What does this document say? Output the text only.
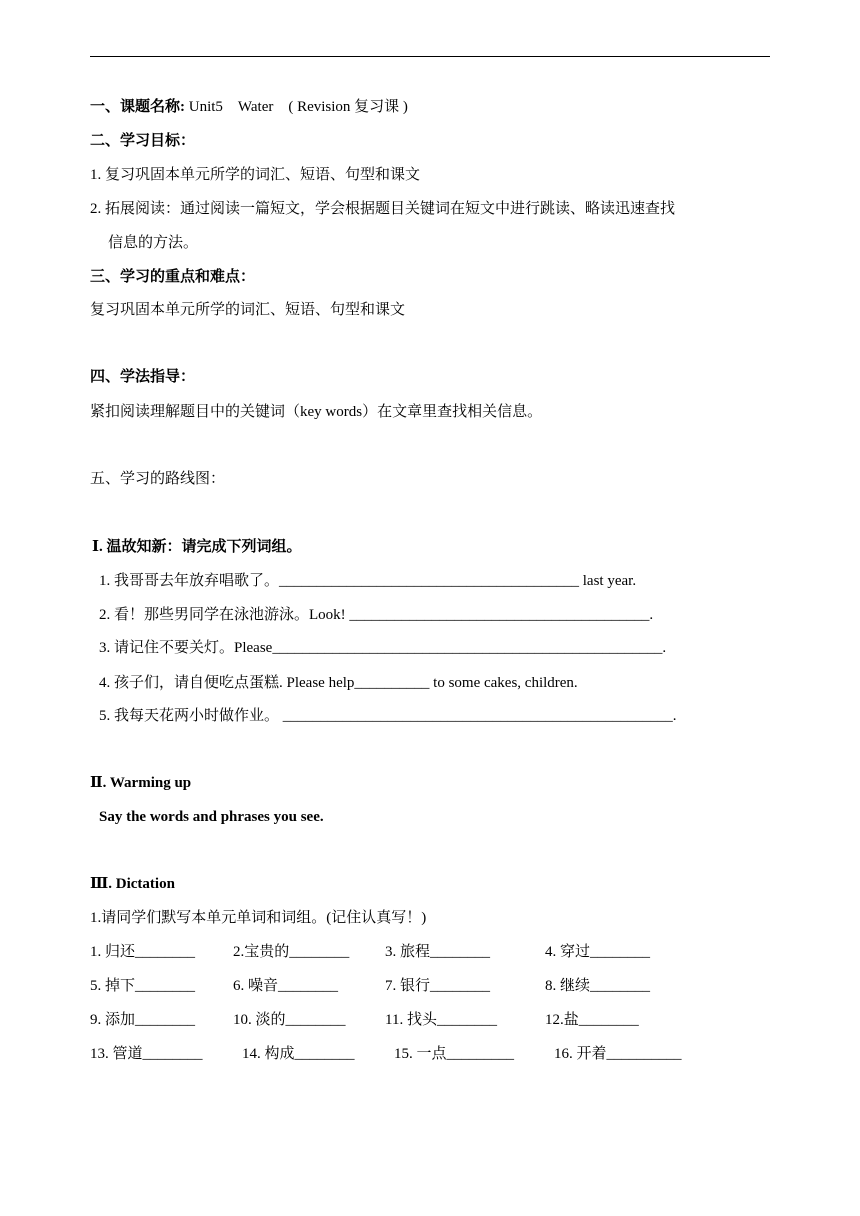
一、课题名称: Unit5　Water　( Revision 复习课 )
二、学习目标：
1. 复习巩固本单元所学的词汇、短语、句型和课文
2. 拓展阅读：通过阅读一篇短文，学会根据题目关键词在短文中进行跳读、略读迅速查找
信息的方法。
三、学习的重点和难点：
复习巩固本单元所学的词汇、短语、句型和课文
四、学法指导：
紧扣阅读理解题目中的关键词（key words）在文章里查找相关信息。
五、学习的路线图：
Ⅰ. 温故知新：请完成下列词组。
1. 我哥哥去年放弃唱歌了。________________________________________ last year.
2. 看！那些男同学在泳池游泳。Look! ________________________________________.
3. 请记住不要关灯。Please____________________________________________________.
4. 孩子们，请自便吃点蛋糕. Please help__________ to some cakes, children.
5. 我每天花两小时做作业。 ____________________________________________________.
Ⅱ. Warming up
Say the words and phrases you see.
Ⅲ. Dictation
1.请同学们默写本单元单词和词组。(记住认真写！)
1. 归还________	2.宝贵的________ 3. 旅程________	4. 穿过________
5. 掉下________	6. 噪音________	7. 银行________	8. 继续________
9. 添加________	10. 淡的________	11. 找头________	12.盐________
13. 管道________	14. 构成________	15. 一点_________	16. 开着__________
